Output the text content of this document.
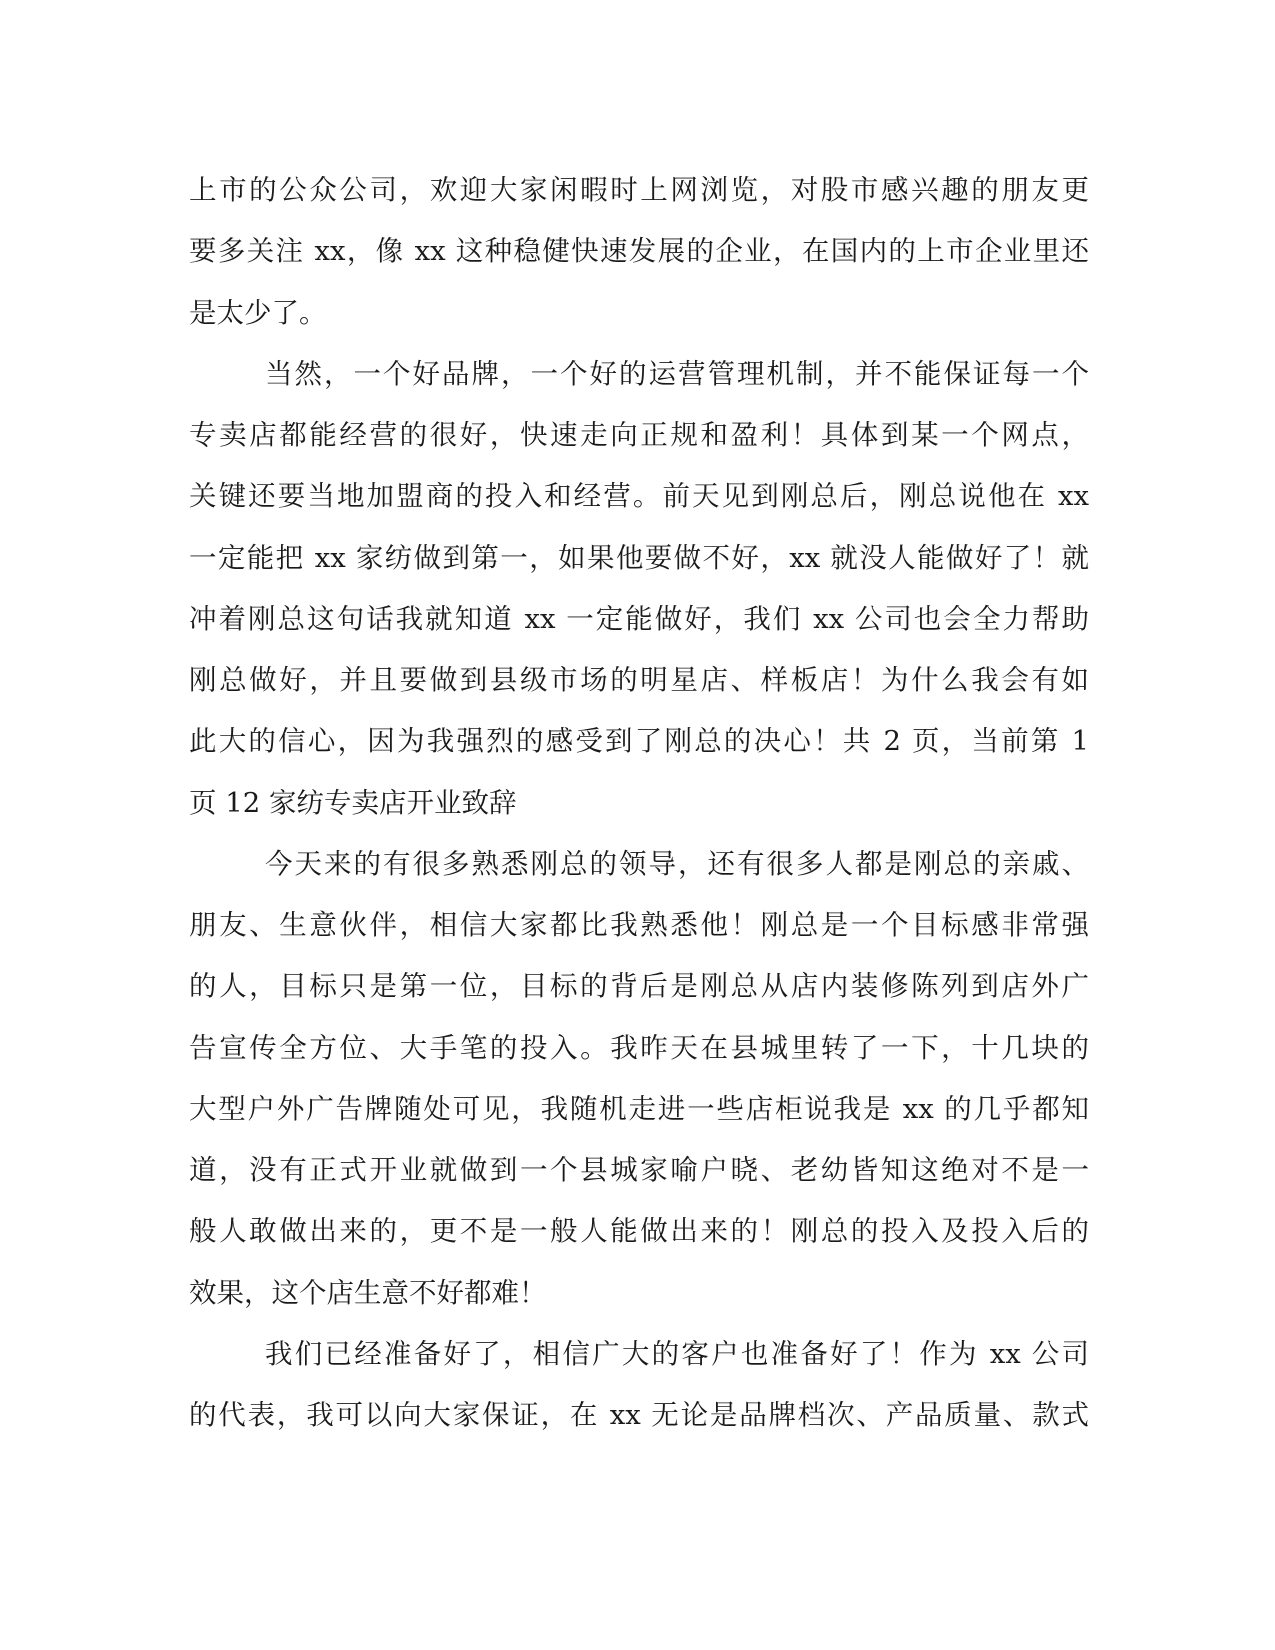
上市的公众公司，欢迎大家闲暇时上网浏览，对股市感兴趣的朋友更
要多关注 xx，像 xx 这种稳健快速发展的企业，在国内的上市企业里还
是太少了。
当然，一个好品牌，一个好的运营管理机制，并不能保证每一个
专卖店都能经营的很好，快速走向正规和盈利！具体到某一个网点，
关键还要当地加盟商的投入和经营。前天见到刚总后，刚总说他在 xx
一定能把 xx 家纺做到第一，如果他要做不好，xx 就没人能做好了！就
冲着刚总这句话我就知道 xx 一定能做好，我们 xx 公司也会全力帮助
刚总做好，并且要做到县级市场的明星店、样板店！为什么我会有如
此大的信心，因为我强烈的感受到了刚总的决心！共 2 页，当前第 1
页 12 家纺专卖店开业致辞
今天来的有很多熟悉刚总的领导，还有很多人都是刚总的亲戚、
朋友、生意伙伴，相信大家都比我熟悉他！刚总是一个目标感非常强
的人，目标只是第一位，目标的背后是刚总从店内装修陈列到店外广
告宣传全方位、大手笔的投入。我昨天在县城里转了一下，十几块的
大型户外广告牌随处可见，我随机走进一些店柜说我是 xx 的几乎都知
道，没有正式开业就做到一个县城家喻户晓、老幼皆知这绝对不是一
般人敢做出来的，更不是一般人能做出来的！刚总的投入及投入后的
效果，这个店生意不好都难！
我们已经准备好了，相信广大的客户也准备好了！作为 xx 公司
的代表，我可以向大家保证，在 xx 无论是品牌档次、产品质量、款式
